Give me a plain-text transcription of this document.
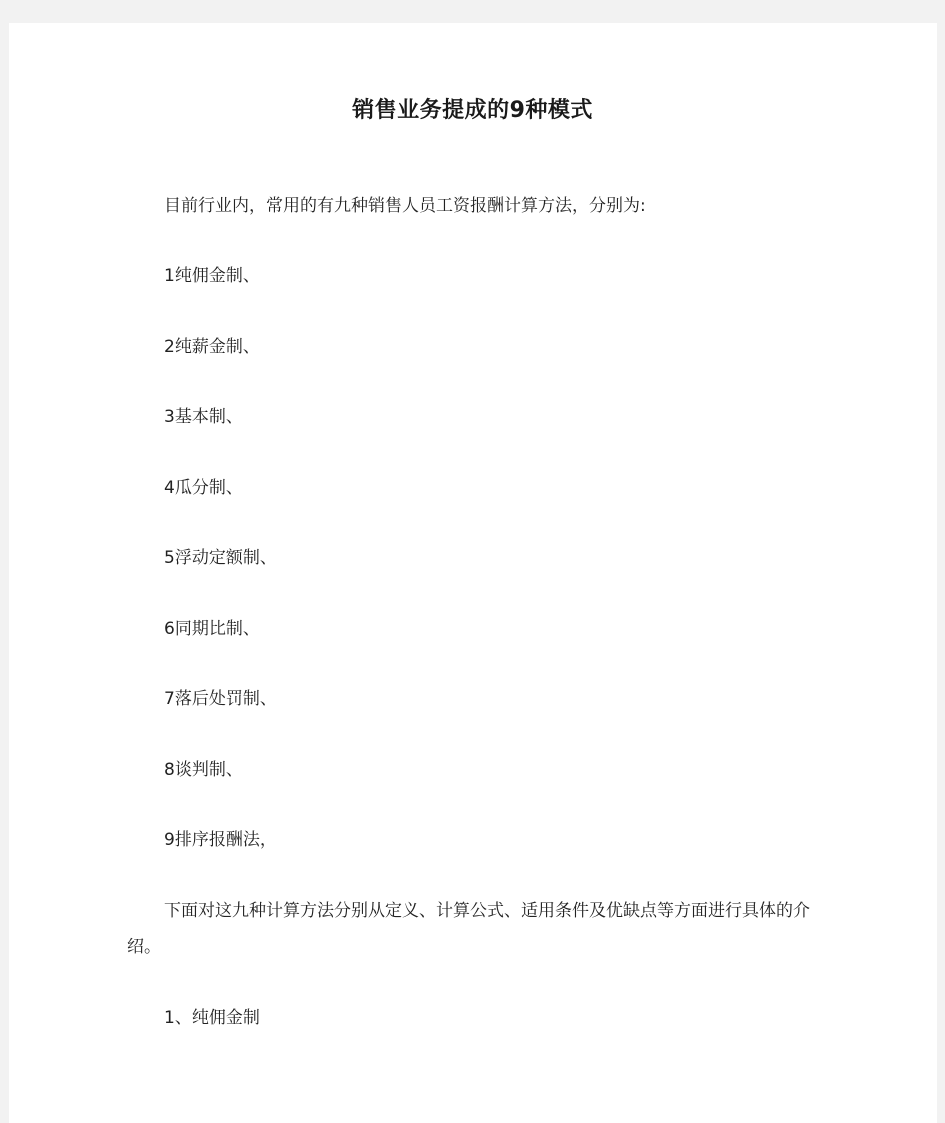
销售业务提成的9种模式

目前行业内，常用的有九种销售人员工资报酬计算方法，分别为:

1纯佣金制、

2纯薪金制、

3基本制、

4瓜分制、

5浮动定额制、

6同期比制、

7落后处罚制、

8谈判制、

9排序报酬法，

下面对这九种计算方法分别从定义、计算公式、适用条件及优缺点等方面进行具体的介绍。

1、纯佣金制
